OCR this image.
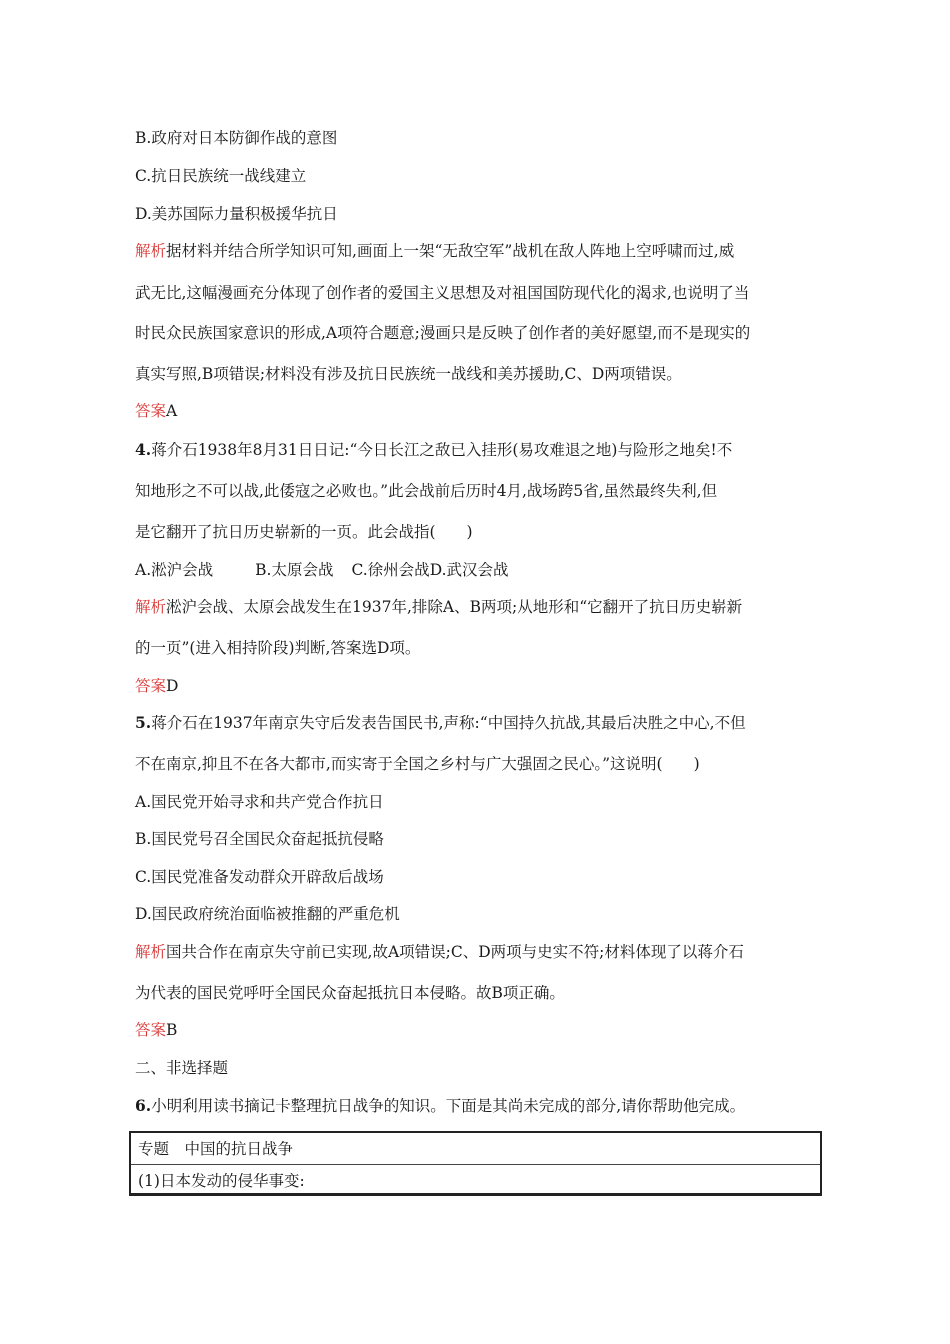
B.政府对日本防御作战的意图
C.抗日民族统一战线建立
D.美苏国际力量积极援华抗日
解析据材料并结合所学知识可知,画面上一架“无敌空军”战机在敌人阵地上空呼啸而过,威
武无比,这幅漫画充分体现了创作者的爱国主义思想及对祖国国防现代化的渴求,也说明了当
时民众民族国家意识的形成,A项符合题意;漫画只是反映了创作者的美好愿望,而不是现实的
真实写照,B项错误;材料没有涉及抗日民族统一战线和美苏援助,C、D两项错误。
答案A
4.蒋介石1938年8月31日日记:“今日长江之敌已入挂形(易攻难退之地)与险形之地矣!不
知地形之不可以战,此倭寇之必败也。”此会战前后历时4月,战场跨5省,虽然最终失利,但
是它翻开了抗日历史崭新的一页。此会战指(　　)
A.淞沪会战	B.太原会战 C.徐州会战D.武汉会战
解析淞沪会战、太原会战发生在1937年,排除A、B两项;从地形和“它翻开了抗日历史崭新
的一页”(进入相持阶段)判断,答案选D项。
答案D
5.蒋介石在1937年南京失守后发表告国民书,声称:“中国持久抗战,其最后决胜之中心,不但
不在南京,抑且不在各大都市,而实寄于全国之乡村与广大强固之民心。”这说明(　　)
A.国民党开始寻求和共产党合作抗日
B.国民党号召全国民众奋起抵抗侵略
C.国民党准备发动群众开辟敌后战场
D.国民政府统治面临被推翻的严重危机
解析国共合作在南京失守前已实现,故A项错误;C、D两项与史实不符;材料体现了以蒋介石
为代表的国民党呼吁全国民众奋起抵抗日本侵略。故B项正确。
答案B
二、非选择题
6.小明利用读书摘记卡整理抗日战争的知识。下面是其尚未完成的部分,请你帮助他完成。
专题　中国的抗日战争
(1)日本发动的侵华事变:
